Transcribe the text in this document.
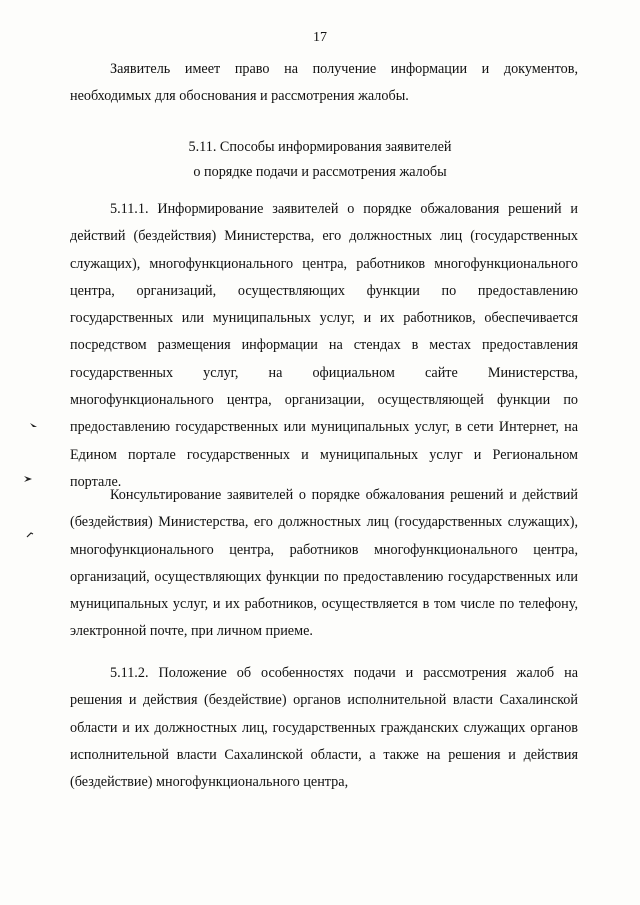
17

Заявитель имеет право на получение информации и документов, необходимых для обоснования и рассмотрения жалобы.

5.11. Способы информирования заявителей
о порядке подачи и рассмотрения жалобы

5.11.1. Информирование заявителей о порядке обжалования решений и действий (бездействия) Министерства, его должностных лиц (государственных служащих), многофункционального центра, работников многофункционального центра, организаций, осуществляющих функции по предоставлению государственных или муниципальных услуг, и их работников, обеспечивается посредством размещения информации на стендах в местах предоставления государственных услуг, на официальном сайте Министерства, многофункционального центра, организации, осуществляющей функции по предоставлению государственных или муниципальных услуг, в сети Интернет, на Едином портале государственных и муниципальных услуг и Региональном портале.

Консультирование заявителей о порядке обжалования решений и действий (бездействия) Министерства, его должностных лиц (государственных служащих), многофункционального центра, работников многофункционального центра, организаций, осуществляющих функции по предоставлению государственных или муниципальных услуг, и их работников, осуществляется в том числе по телефону, электронной почте, при личном приеме.

5.11.2. Положение об особенностях подачи и рассмотрения жалоб на решения и действия (бездействие) органов исполнительной власти Сахалинской области и их должностных лиц, государственных гражданских служащих органов исполнительной власти Сахалинской области, а также на решения и действия (бездействие) многофункционального центра,
